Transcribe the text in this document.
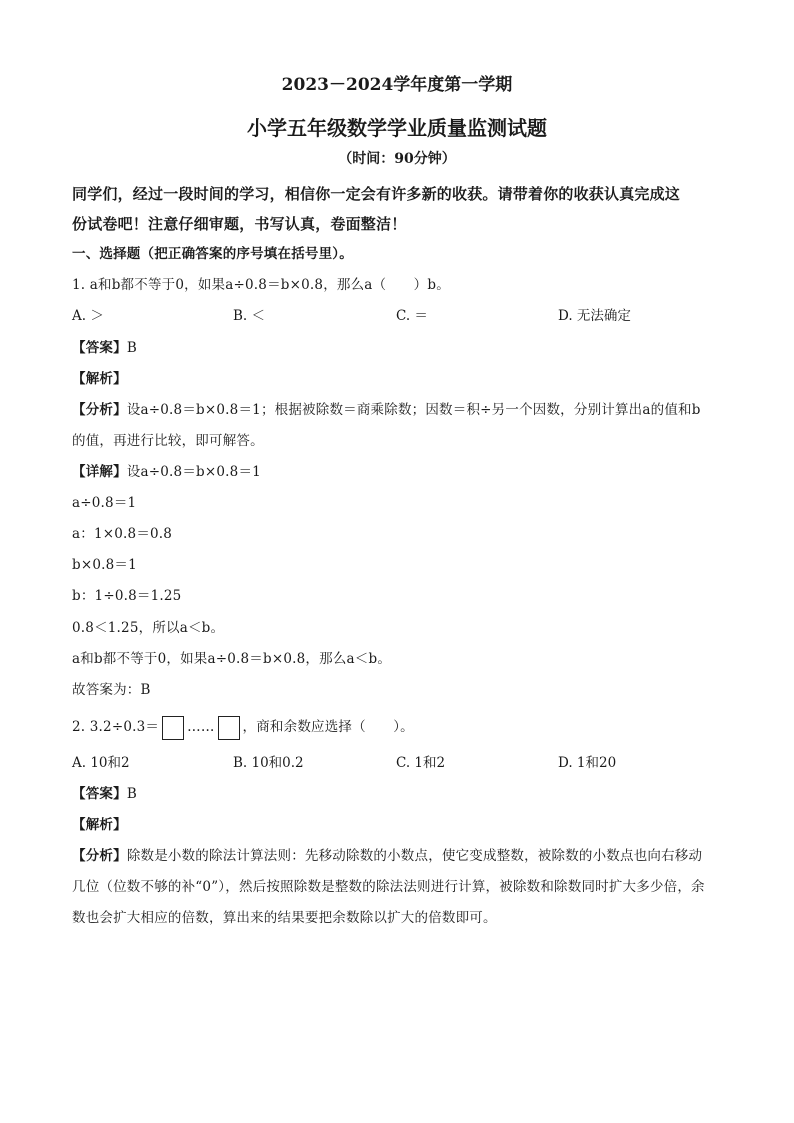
2023－2024学年度第一学期
小学五年级数学学业质量监测试题
（时间：90分钟）
同学们，经过一段时间的学习，相信你一定会有许多新的收获。请带着你的收获认真完成这
份试卷吧！注意仔细审题，书写认真，卷面整洁！
一、选择题（把正确答案的序号填在括号里）。
1. a和b都不等于0，如果a÷0.8＝b×0.8，那么a（　　）b。
A. ＞	B. ＜	C. ＝	D. 无法确定
【答案】B
【解析】
【分析】设a÷0.8＝b×0.8＝1；根据被除数＝商乘除数；因数＝积÷另一个因数，分别计算出a的值和b
的值，再进行比较，即可解答。
【详解】设a÷0.8＝b×0.8＝1
a÷0.8＝1
a：1×0.8＝0.8
b×0.8＝1
b：1÷0.8＝1.25
0.8＜1.25，所以a＜b。
a和b都不等于0，如果a÷0.8＝b×0.8，那么a＜b。
故答案为：B
2. 3.2÷0.3＝ …… ，商和余数应选择（　　）。
A. 10和2	B. 10和0.2	C. 1和2	D. 1和20
【答案】B
【解析】
【分析】除数是小数的除法计算法则：先移动除数的小数点，使它变成整数，被除数的小数点也向右移动
几位（位数不够的补“0”），然后按照除数是整数的除法法则进行计算，被除数和除数同时扩大多少倍，余
数也会扩大相应的倍数，算出来的结果要把余数除以扩大的倍数即可。
